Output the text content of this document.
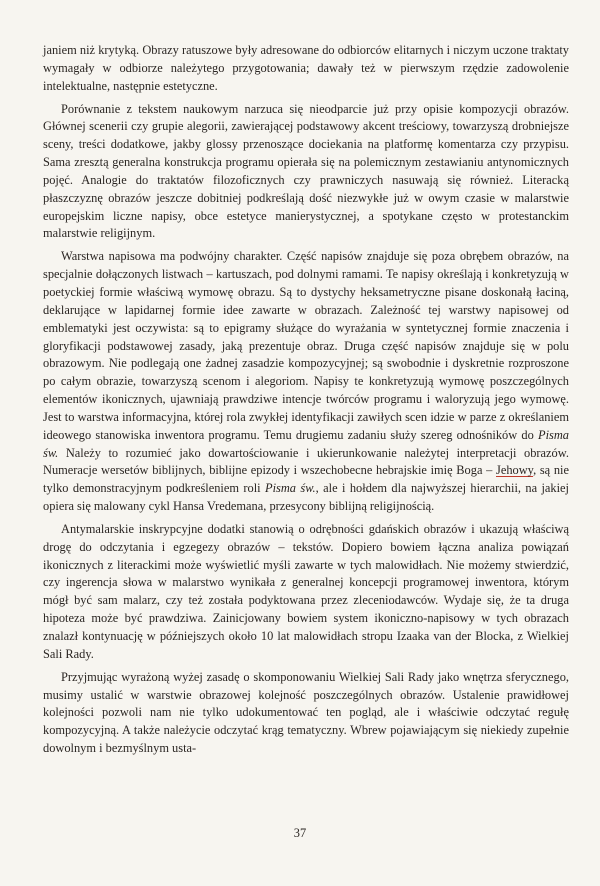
janiem niż krytyką. Obrazy ratuszowe były adresowane do odbiorców elitarnych i niczym uczone traktaty wymagały w odbiorze należytego przygotowania; dawały też w pierwszym rzędzie zadowolenie intelektualne, następnie estetyczne.

Porównanie z tekstem naukowym narzuca się nieodparcie już przy opisie kompozycji obrazów. Głównej scenerii czy grupie alegorii, zawierającej podstawowy akcent treściowy, towarzyszą drobniejsze sceny, treści dodatkowe, jakby glossy przenoszące dociekania na platformę komentarza czy przypisu. Sama zresztą generalna konstrukcja programu opierała się na polemicznym zestawianiu antynomicznych pojęć. Analogie do traktatów filozoficznych czy prawniczych nasuwają się również. Literacką płaszczyznę obrazów jeszcze dobitniej podkreślają dość niezwykłe już w owym czasie w malarstwie europejskim liczne napisy, obce estetyce manierystycznej, a spotykane często w protestanckim malarstwie religijnym.

Warstwa napisowa ma podwójny charakter. Część napisów znajduje się poza obrębem obrazów, na specjalnie dołączonych listwach – kartuszach, pod dolnymi ramami. Te napisy określają i konkretyzują w poetyckiej formie właściwą wymowę obrazu. Są to dystychy heksametryczne pisane doskonałą łaciną, deklarujące w lapidarnej formie idee zawarte w obrazach. Zależność tej warstwy napisowej od emblematyki jest oczywista: są to epigramy służące do wyrażania w syntetycznej formie znaczenia i gloryfikacji podstawowej zasady, jaką prezentuje obraz. Druga część napisów znajduje się w polu obrazowym. Nie podlegają one żadnej zasadzie kompozycyjnej; są swobodnie i dyskretnie rozproszone po całym obrazie, towarzyszą scenom i alegoriom. Napisy te konkretyzują wymowę poszczególnych elementów ikonicznych, ujawniają prawdziwe intencje twórców programu i waloryzują jego wymowę. Jest to warstwa informacyjna, której rola zwykłej identyfikacji zawiłych scen idzie w parze z określaniem ideowego stanowiska inwentora programu. Temu drugiemu zadaniu służy szereg odnośników do Pisma św. Należy to rozumieć jako dowartościowanie i ukierunkowanie należytej interpretacji obrazów. Numeracje wersetów biblijnych, biblijne epizody i wszechobecne hebrajskie imię Boga – Jehowy, są nie tylko demonstracyjnym podkreśleniem roli Pisma św., ale i hołdem dla najwyższej hierarchii, na jakiej opiera się malowany cykl Hansa Vredemana, przesycony biblijną religijnością.

Antymalarskie inskrypcyjne dodatki stanowią o odrębności gdańskich obrazów i ukazują właściwą drogę do odczytania i egzegezy obrazów – tekstów. Dopiero bowiem łączna analiza powiązań ikonicznych z literackimi może wyświetlić myśli zawarte w tych malowidłach. Nie możemy stwierdzić, czy ingerencja słowa w malarstwo wynikała z generalnej koncepcji programowej inwentora, którym mógł być sam malarz, czy też została podyktowana przez zleceniodawców. Wydaje się, że ta druga hipoteza może być prawdziwa. Zainicjowany bowiem system ikoniczno-napisowy w tych obrazach znalazł kontynuację w późniejszych około 10 lat malowidłach stropu Izaaka van der Blocka, z Wielkiej Sali Rady.

Przyjmując wyrażoną wyżej zasadę o skomponowaniu Wielkiej Sali Rady jako wnętrza sferycznego, musimy ustalić w warstwie obrazowej kolejność poszczególnych obrazów. Ustalenie prawidłowej kolejności pozwoli nam nie tylko udokumentować ten pogląd, ale i właściwie odczytać regułę kompozycyjną. A także należycie odczytać krąg tematyczny. Wbrew pojawiającym się niekiedy zupełnie dowolnym i bezmyślnym usta-

37
